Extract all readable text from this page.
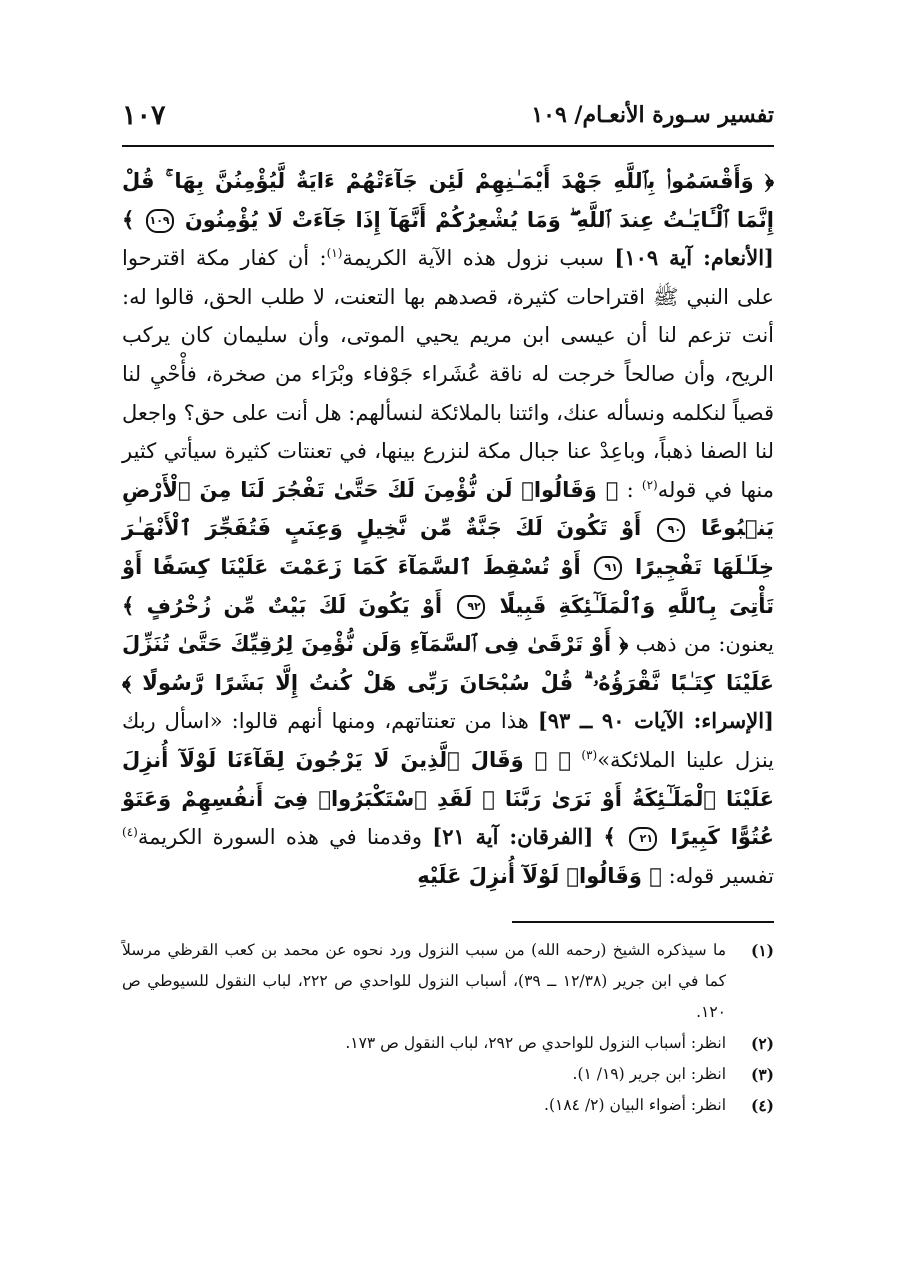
تفسير سـورة الأنعـام/ ١٠٩
١٠٧
﴿ وَأَقْسَمُوا۟ بِٱللَّهِ جَهْدَ أَيْمَـٰنِهِمْ لَئِن جَآءَتْهُمْ ءَايَةٌ لَّيُؤْمِنُنَّ بِهَا ۚ قُلْ إِنَّمَا ٱلْـَٔايَـٰتُ عِندَ ٱللَّهِ ۖ وَمَا يُشْعِرُكُمْ أَنَّهَآ إِذَا جَآءَتْ لَا يُؤْمِنُونَ ١٠٩ ﴾ [الأنعام: آية ١٠٩] سبب نزول هذه الآية الكريمة$^{(١)}$: أن كفار مكة اقترحوا على النبي ﷺ اقتراحات كثيرة، قصدهم بها التعنت، لا طلب الحق، قالوا له: أنت تزعم لنا أن عيسى ابن مريم يحيي الموتى، وأن سليمان كان يركب الريح، وأن صالحاً خرجت له ناقة عُشَراء جَوْفاء وبْرَاء من صخرة، فأْحْيِ لنا قصياً لنكلمه ونسأله عنك، وائتنا بالملائكة لنسألهم: هل أنت على حق؟ واجعل لنا الصفا ذهباً، وباعِدْ عنا جبال مكة لنزرع بينها، في تعنتات كثيرة سيأتي كثير منها في قوله$^{(٢)}$ : ﴿ وَقَالُوا۟ لَن نُّؤْمِنَ لَكَ حَتَّىٰ تَفْجُرَ لَنَا مِنَ ٱلْأَرْضِ يَنۢبُوعًا ٩٠ أَوْ تَكُونَ لَكَ جَنَّةٌ مِّن نَّخِيلٍ وَعِنَبٍ فَتُفَجِّرَ ٱلْأَنْهَـٰرَ خِلَـٰلَهَا تَفْجِيرًا ٩١ أَوْ تُسْقِطَ ٱلسَّمَآءَ كَمَا زَعَمْتَ عَلَيْنَا كِسَفًا أَوْ تَأْتِىَ بِٱللَّهِ وَٱلْمَلَـٰٓئِكَةِ قَبِيلًا ٩٢ أَوْ يَكُونَ لَكَ بَيْتٌ مِّن زُخْرُفٍ ﴾ يعنون: من ذهب ﴿ أَوْ تَرْقَىٰ فِى ٱلسَّمَآءِ وَلَن نُّؤْمِنَ لِرُقِيِّكَ حَتَّىٰ تُنَزِّلَ عَلَيْنَا كِتَـٰبًا نَّقْرَؤُهُۥ ۗ قُلْ سُبْحَانَ رَبِّى هَلْ كُنتُ إِلَّا بَشَرًا رَّسُولًا ﴾ [الإسراء: الآيات ٩٠ ــ ٩٣] هذا من تعنتاتهم، ومنها أنهم قالوا: «اسأل ربك ينزل علينا الملائكة»$^{(٣)}$ ﴿ ۞ وَقَالَ ٱلَّذِينَ لَا يَرْجُونَ لِقَآءَنَا لَوْلَآ أُنزِلَ عَلَيْنَا ٱلْمَلَـٰٓئِكَةُ أَوْ نَرَىٰ رَبَّنَا ۗ لَقَدِ ٱسْتَكْبَرُوا۟ فِىٓ أَنفُسِهِمْ وَعَتَوْ عُتُوًّا كَبِيرًا ٢١ ﴾ [الفرقان: آية ٢١] وقدمنا في هذه السورة الكريمة$^{(٤)}$ تفسير قوله: ﴿ وَقَالُوا۟ لَوْلَآ أُنزِلَ عَلَيْهِ
(١)
ما سيذكره الشيخ (رحمه الله) من سبب النزول ورد نحوه عن محمد بن كعب القرظي مرسلاً كما في ابن جرير (١٢/٣٨ ــ ٣٩)، أسباب النزول للواحدي ص ٢٢٢، لباب النقول للسيوطي ص ١٢٠.
(٢)
انظر: أسباب النزول للواحدي ص ٢٩٢، لباب النقول ص ١٧٣.
(٣)
انظر: ابن جرير (١٩/ ١).
(٤)
انظر: أضواء البيان (٢/ ١٨٤).
